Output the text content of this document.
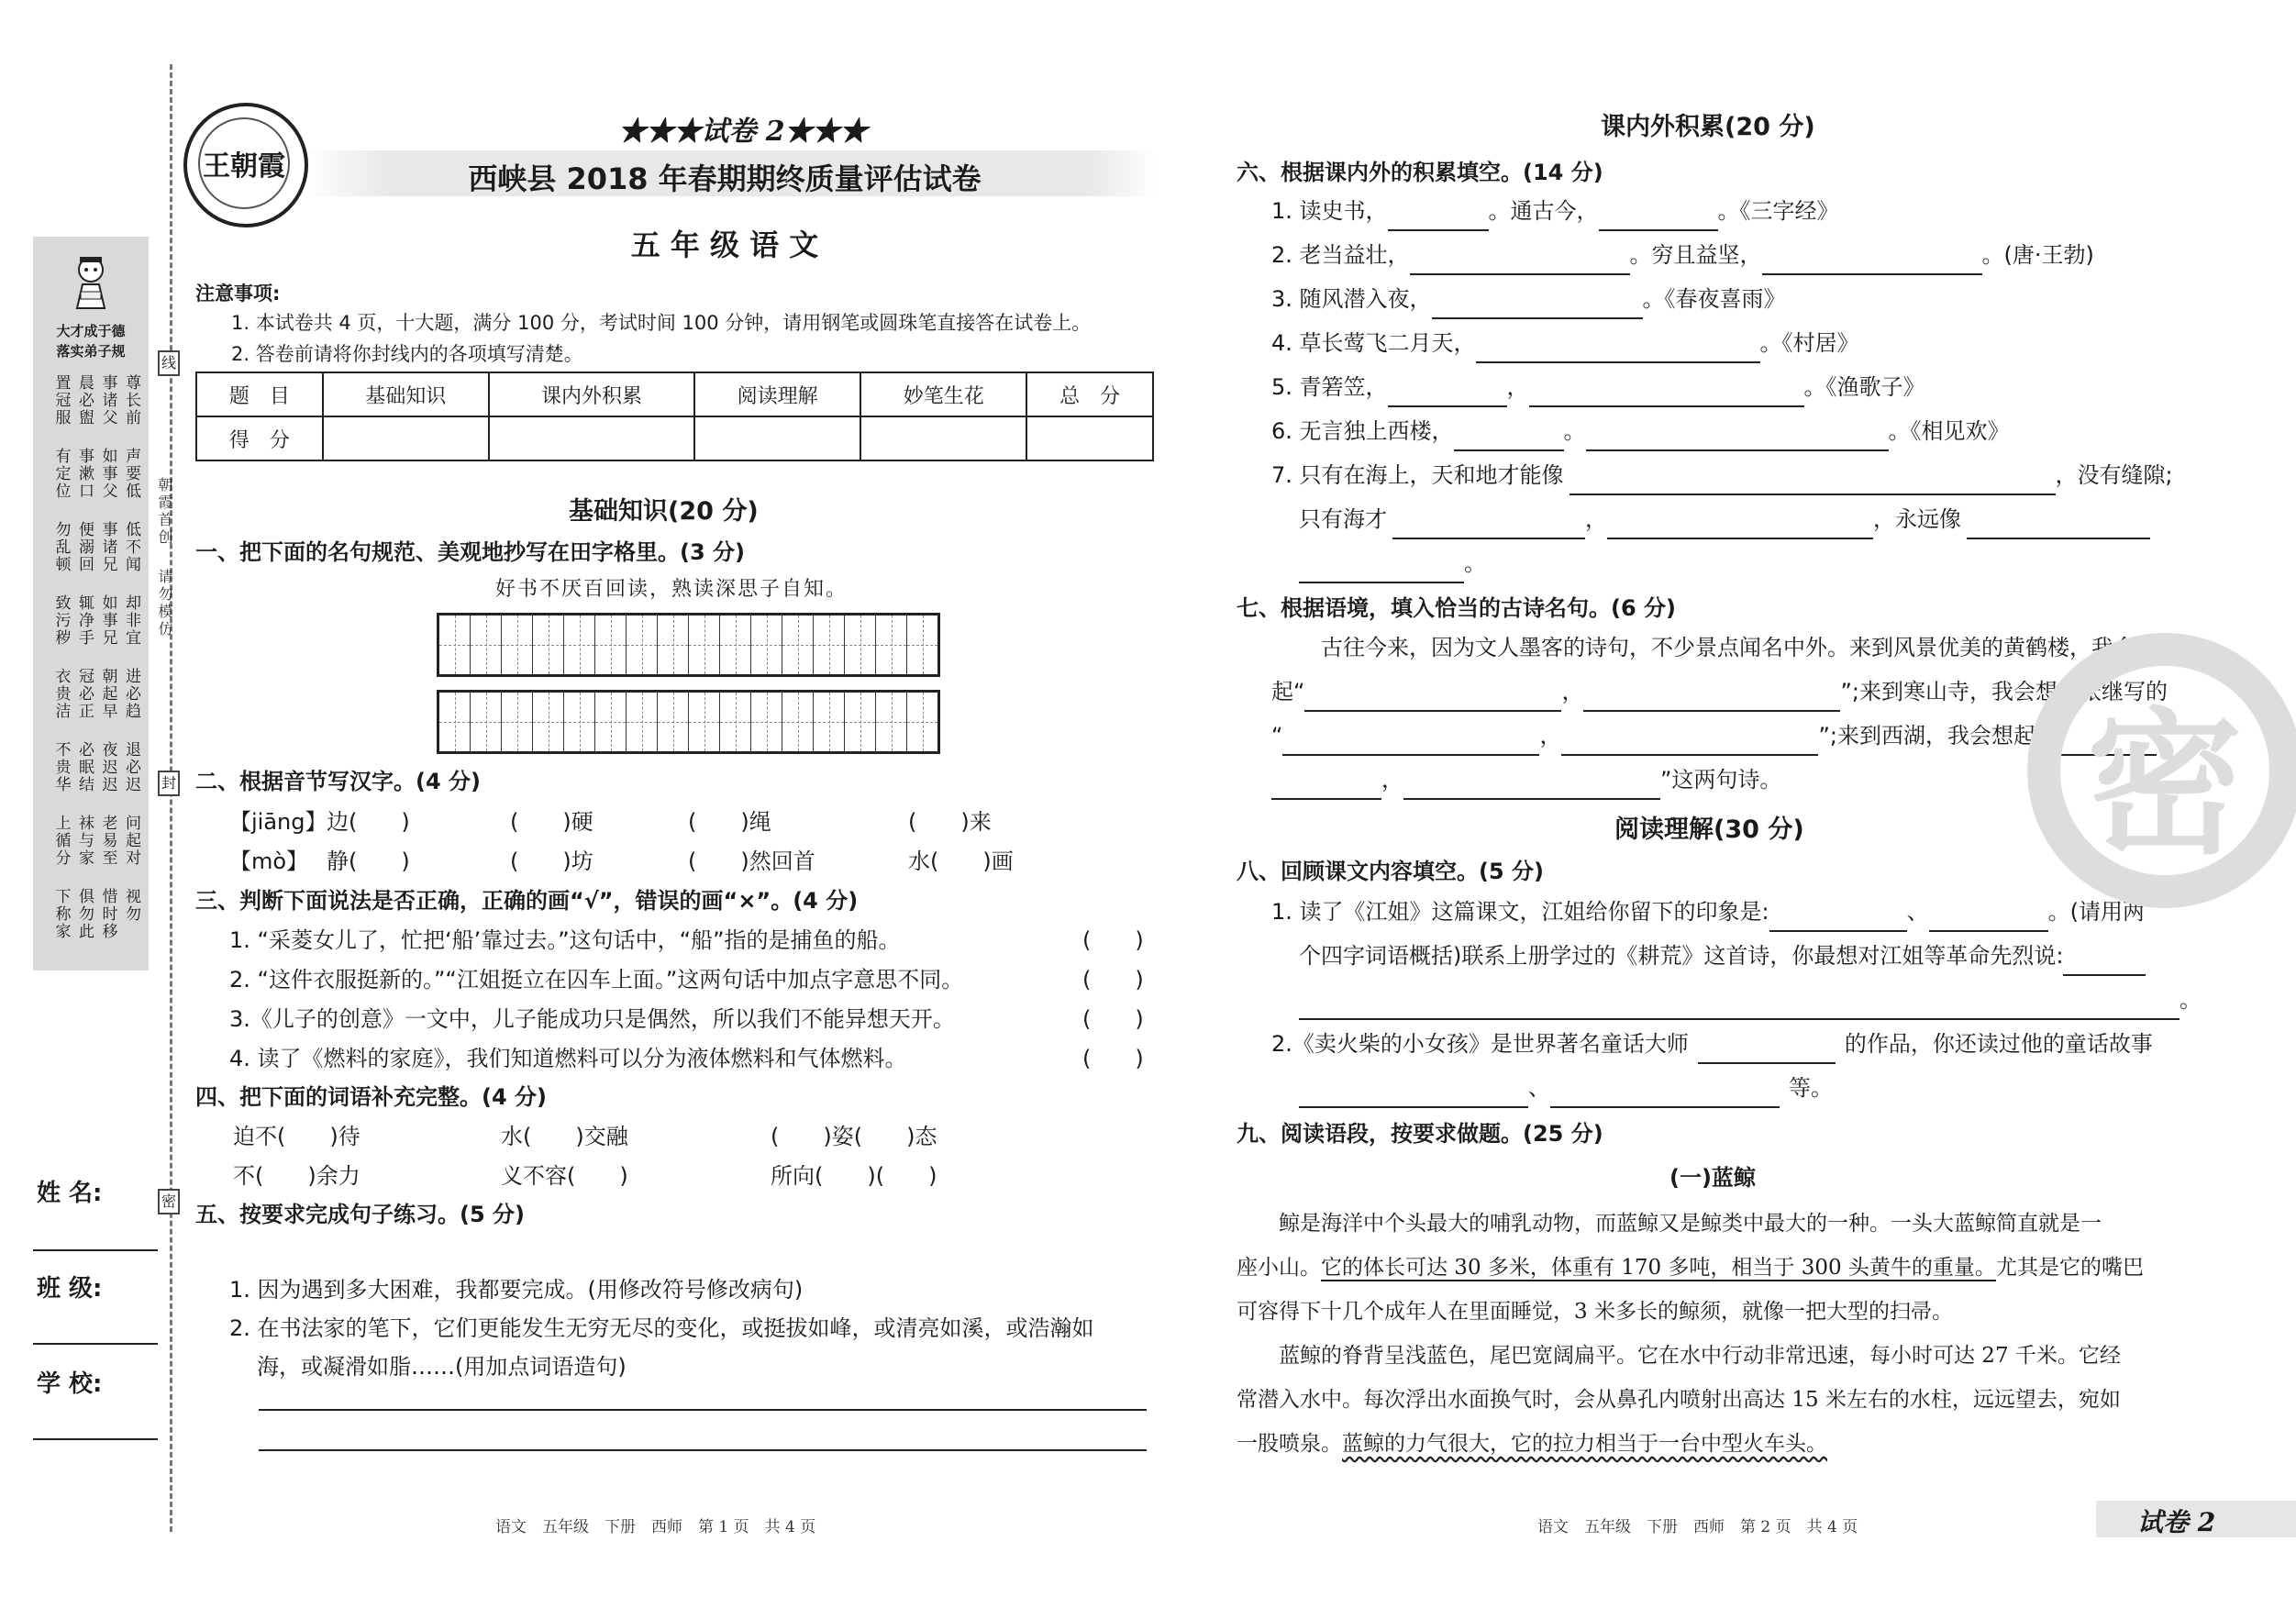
大才成于德
落实弟子规
置冠服 晨必盥 事诸父 尊长前
有定位 事漱口 如事父 声要低
勿乱顿 便溺回 事诸兄 低不闻
致污秽 辄净手 如事兄 却非宜
衣贵洁 冠必正 朝起早 进必趋
不贵华 必眠结 夜迟迟 退必迟
上循分 袜与家 老易至 问起对
下称家 俱勿此 惜时移 视勿
线
封
密
朝霞首创
请勿模仿
姓 名:
班 级:
学 校:
王朝霞
★★★试卷 2★★★
西峡县 2018 年春期期终质量评估试卷
五 年 级 语 文
注意事项:
1. 本试卷共 4 页，十大题，满分 100 分，考试时间 100 分钟，请用钢笔或圆珠笔直接答在试卷上。
2. 答卷前请将你封线内的各项填写清楚。
题　目	基础知识	课内外积累	阅读理解	妙笔生花	总　分
得　分					
基础知识(20 分)
一、把下面的名句规范、美观地抄写在田字格里。(3 分)
好书不厌百回读，熟读深思子自知。
二、根据音节写汉字。(4 分)
【jiāng】 边(　　)	(　　)硬	(　　)绳	(　　)来
【mò】 静(　　)	(　　)坊	(　　)然回首	水(　　)画
三、判断下面说法是否正确，正确的画“√”，错误的画“×”。(4 分)
1. “采菱女儿了，忙把‘船’靠过去。”这句话中，“船”指的是捕鱼的船。	(　　)
2. “这件衣服挺新的。”“江姐挺立在囚车上面。”这两句话中加点字意思不同。	(　　)
3.《儿子的创意》一文中，儿子能成功只是偶然，所以我们不能异想天开。	(　　)
4. 读了《燃料的家庭》，我们知道燃料可以分为液体燃料和气体燃料。	(　　)
四、把下面的词语补充完整。(4 分)
迫不(　　)待	水(　　)交融	(　　)姿(　　)态
不(　　)余力	义不容(　　)	所向(　　)(　　)
五、按要求完成句子练习。(5 分)
1. 因为遇到多大困难，我都要完成。(用修改符号修改病句)
2. 在书法家的笔下，它们更能发生无穷无尽的变化，或挺拔如峰，或清亮如溪，或浩瀚如
海，或凝滑如脂……(用加点词语造句)
课内外积累(20 分)
六、根据课内外的积累填空。(14 分)
1. 读史书，	。通古今，	。《三字经》
2. 老当益壮，	。穷且益坚，	。(唐·王勃)
3. 随风潜入夜，	。《春夜喜雨》
4. 草长莺飞二月天，	。《村居》
5. 青箬笠，	，	。《渔歌子》
6. 无言独上西楼，	。	。《相见欢》
7. 只有在海上，天和地才能像	，没有缝隙;
只有海才	，	，永远像
。
七、根据语境，填入恰当的古诗名句。(6 分)
古往今来，因为文人墨客的诗句，不少景点闻名中外。来到风景优美的黄鹤楼，我会想
起“	，	”;来到寒山寺，我会想起张继写的
“	，	”;来到西湖，我会想起“
，	”这两句诗。
阅读理解(30 分)
八、回顾课文内容填空。(5 分)
1. 读了《江姐》这篇课文，江姐给你留下的印象是:	、	。(请用两
个四字词语概括)联系上册学过的《耕荒》这首诗，你最想对江姐等革命先烈说:
。
2.《卖火柴的小女孩》是世界著名童话大师	的作品，你还读过他的童话故事
、	等。
九、阅读语段，按要求做题。(25 分)
(一)蓝鲸
鲸是海洋中个头最大的哺乳动物，而蓝鲸又是鲸类中最大的一种。一头大蓝鲸简直就是一
座小山。它的体长可达 30 多米，体重有 170 多吨，相当于 300 头黄牛的重量。尤其是它的嘴巴
可容得下十几个成年人在里面睡觉，3 米多长的鲸须，就像一把大型的扫帚。
蓝鲸的脊背呈浅蓝色，尾巴宽阔扁平。它在水中行动非常迅速，每小时可达 27 千米。它经
常潜入水中。每次浮出水面换气时，会从鼻孔内喷射出高达 15 米左右的水柱，远远望去，宛如
一股喷泉。蓝鲸的力气很大，它的拉力相当于一台中型火车头。
密
语文　五年级　下册　西师　第 1 页　共 4 页	语文　五年级　下册　西师　第 2 页　共 4 页	试卷 2
